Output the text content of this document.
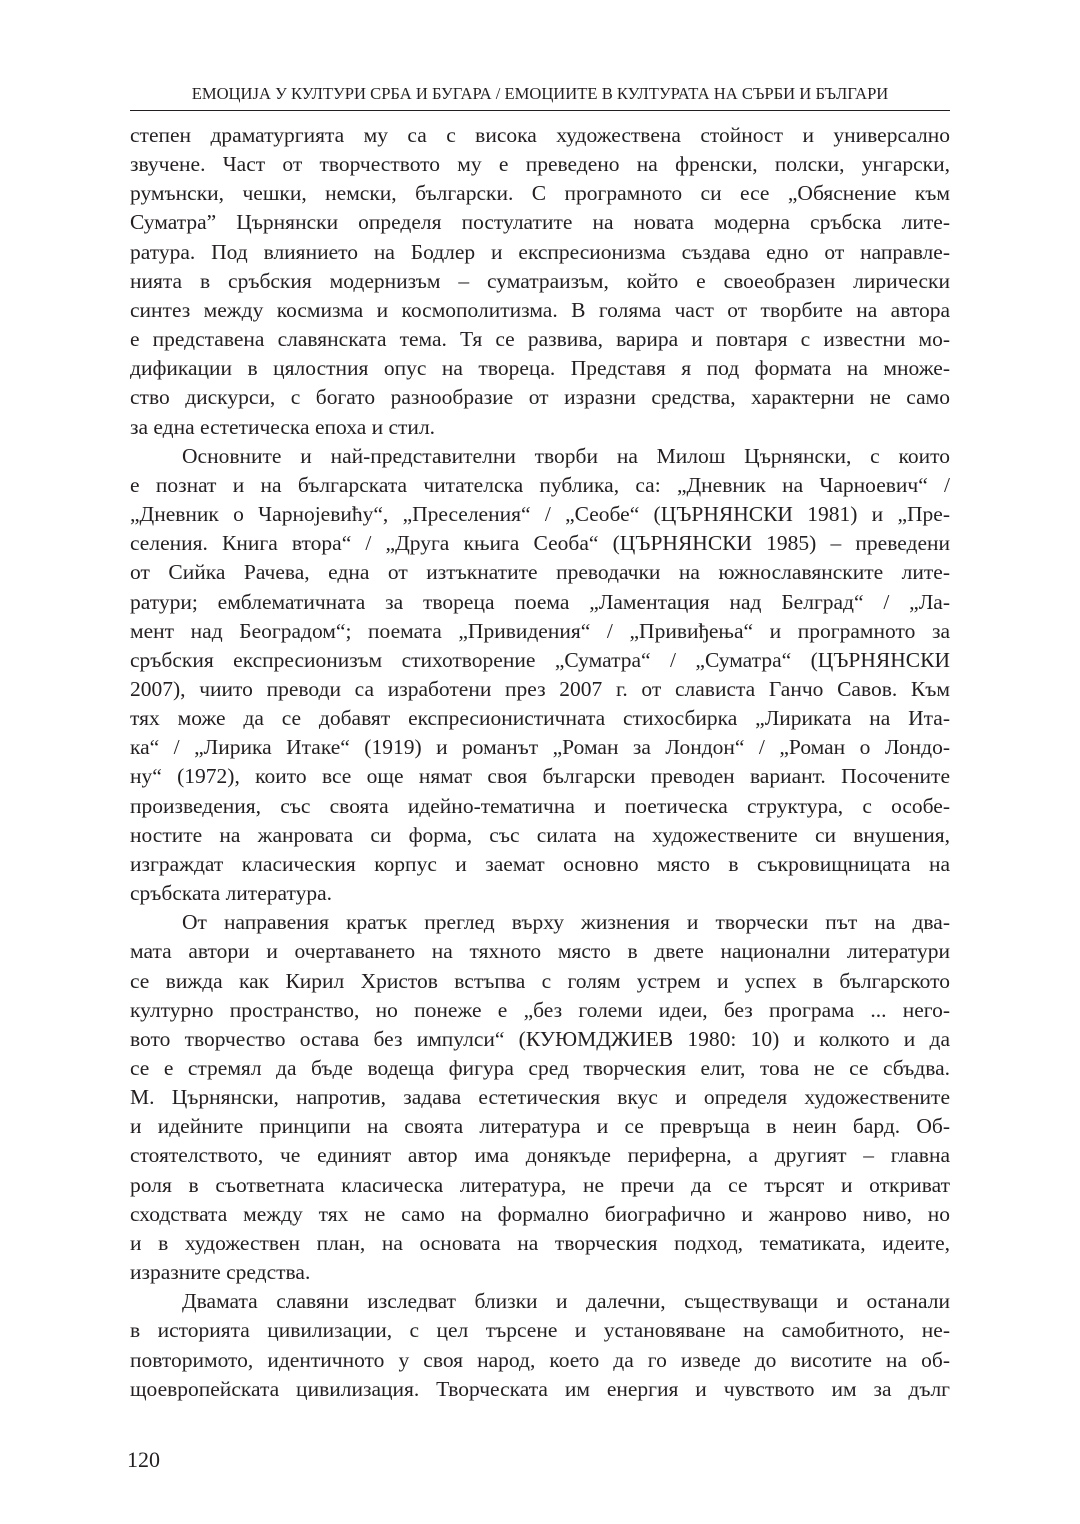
ЕМОЦИЈА У КУЛТУРИ СРБА И БУГАРА / ЕМОЦИИТЕ В КУЛТУРАТА НА СЪРБИ И БЪЛГАРИ
степен драматургията му са с висока художествена стойност и универсално
звучене. Част от творчеството му е преведено на френски, полски, унгарски,
румънски, чешки, немски, български. С програмното си есе „Обяснение към
Суматра” Църнянски определя постулатите на новата модерна сръбска лите-
ратура. Под влиянието на Бодлер и експресионизма създава едно от направле-
нията в сръбския модернизъм – суматраизъм, който е своеобразен лирически
синтез между космизма и космополитизма. В голяма част от творбите на автора
е представена славянската тема. Тя се развива, варира и повтаря с известни мо-
дификации в цялостния опус на твореца. Представя я под формата на множе-
ство дискурси, с богато разнообразие от изразни средства, характерни не само
за една естетическа епоха и стил.
Основните и най-представителни творби на Милош Църнянски, с които
е познат и на българската читателска публика, са: „Дневник на Чарноевич“ /
„Дневник о Чарнојевићу“, „Преселения“ / „Сеобе“ (ЦЪРНЯНСКИ 1981) и „Пре-
селения. Книга втора“ / „Друга књига Сеоба“ (ЦЪРНЯНСКИ 1985) – преведени
от Сийка Рачева, една от изтъкнатите преводачки на южнославянските лите-
ратури; емблематичната за твореца поема „Ламентация над Белград“ / „Ла-
мент над Београдом“; поемата „Привидения“ / „Привиђења“ и програмното за
сръбския експресионизъм стихотворение „Суматра“ / „Суматра“ (ЦЪРНЯНСКИ
2007), чиито преводи са изработени през 2007 г. от слависта Ганчо Савов. Към
тях може да се добавят експресионистичната стихосбирка „Лириката на Ита-
ка“ / „Лирика Итаке“ (1919) и романът „Роман за Лондон“ / „Роман о Лондо-
ну“ (1972), които все още нямат своя български преводен вариант. Посочените
произведения, със своята идейно-тематична и поетическа структура, с особе-
ностите на жанровата си форма, със силата на художествените си внушения,
изграждат класическия корпус и заемат основно място в съкровищницата на
сръбската литература.
От направения кратък преглед върху жизнения и творчески път на два-
мата автори и очертаването на тяхното място в двете национални литератури
се вижда как Кирил Христов встъпва с голям устрем и успех в българското
културно пространство, но понеже е „без големи идеи, без програма ... него-
вото творчество остава без импулси“ (КУЮМДЖИЕВ 1980: 10) и колкото и да
се е стремял да бъде водеща фигура сред творческия елит, това не се сбъдва.
М. Църнянски, напротив, задава естетическия вкус и определя художествените
и идейните принципи на своята литература и се превръща в неин бард. Об-
стоятелството, че единият автор има донякъде периферна, а другият – главна
роля в съответната класическа литература, не пречи да се търсят и откриват
сходствата между тях не само на формално биографично и жанрово ниво, но
и в художествен план, на основата на творческия подход, тематиката, идеите,
изразните средства.
Двамата славяни изследват близки и далечни, съществуващи и останали
в историята цивилизации, с цел търсене и установяване на самобитното, не-
повторимото, идентичното у своя народ, което да го изведе до висотите на об-
щоевропейската цивилизация. Творческата им енергия и чувството им за дълг
120
